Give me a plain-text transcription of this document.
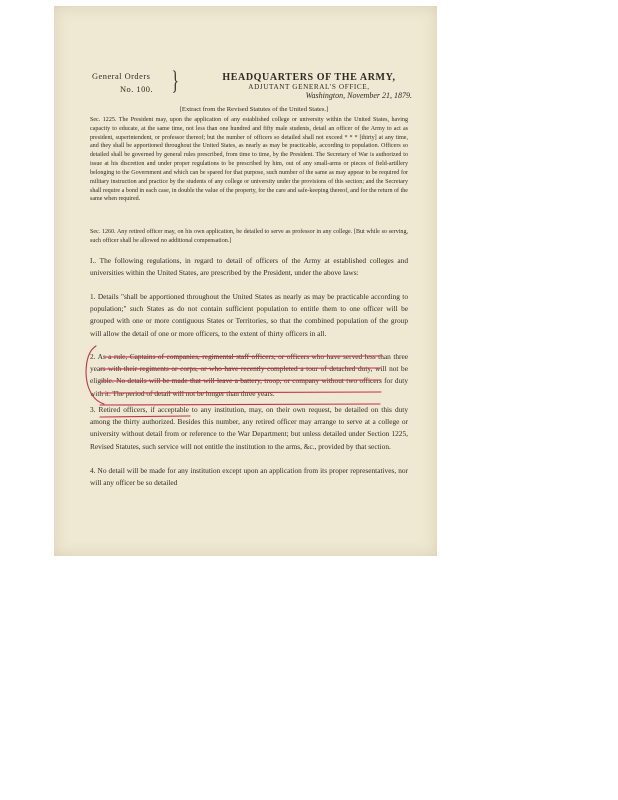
General Orders
No. 100. }	HEADQUARTERS OF THE ARMY,
ADJUTANT GENERAL'S OFFICE,
Washington, November 21, 1879.
[Extract from the Revised Statutes of the United States.]
Sec. 1225. The President may, upon the application of any established college or university within the United States, having capacity to educate, at the same time, not less than one hundred and fifty male students, detail an officer of the Army to act as president, superintendent, or professor thereof; but the number of officers so detailed shall not exceed * * * [thirty] at any time, and they shall be apportioned throughout the United States, as nearly as may be practicable, according to population. Officers so detailed shall be governed by general rules prescribed, from time to time, by the President. The Secretary of War is authorized to issue at his discretion and under proper regulations to be prescribed by him, out of any small-arms or pieces of field-artillery belonging to the Government and which can be spared for that purpose, such number of the same as may appear to be required for military instruction and practice by the students of any college or university under the provisions of this section; and the Secretary shall require a bond in each case, in double the value of the property, for the care and safe-keeping thereof, and for the return of the same when required.
Sec. 1260. Any retired officer may, on his own application, be detailed to serve as professor in any college. [But while so serving, such officer shall be allowed no additional compensation.]
I.. The following regulations, in regard to detail of officers of the Army at established colleges and universities within the United States, are prescribed by the President, under the above laws:
1. Details "shall be apportioned throughout the United States as nearly as may be practicable according to population;" such States as do not contain sufficient population to entitle them to one officer will be grouped with one or more contiguous States or Territories, so that the combined population of the group will allow the detail of one or more officers, to the extent of thirty officers in all.
2. As a rule, Captains of companies, regimental staff officers, or officers who have served less than three years with their regiments or corps, or who have recently completed a tour of detached duty, will not be eligible. No details will be made that will leave a battery, troop, or company without two officers for duty with it. The period of detail will not be longer than three years.
3. Retired officers, if acceptable to any institution, may, on their own request, be detailed on this duty among the thirty authorized. Besides this number, any retired officer may arrange to serve at a college or university without detail from or reference to the War Department; but unless detailed under Section 1225, Revised Statutes, such service will not entitle the institution to the arms, &c., provided by that section.
4. No detail will be made for any institution except upon an application from its proper representatives, nor will any officer be so detailed
